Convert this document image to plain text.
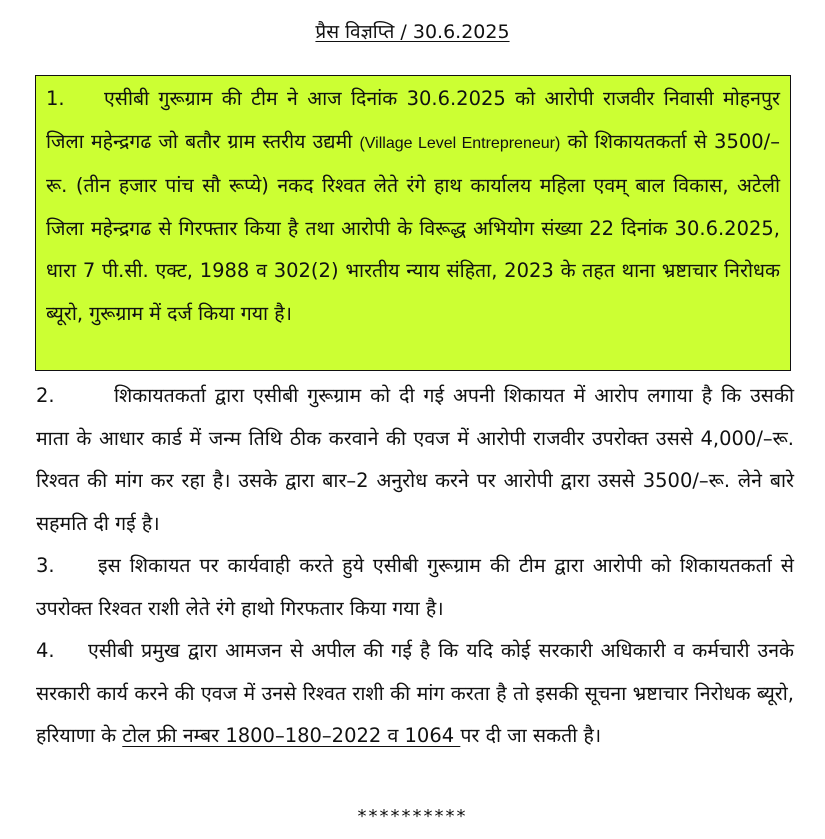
प्रैस विज्ञप्ति / 30.6.2025
1. एसीबी गुरूग्राम की टीम ने आज दिनांक 30.6.2025 को आरोपी राजवीर निवासी मोहनपुर जिला महेन्द्रगढ जो बतौर ग्राम स्तरीय उद्यमी (Village Level Entrepreneur) को शिकायतकर्ता से 3500/–रू. (तीन हजार पांच सौ रूप्ये) नकद रिश्वत लेते रंगे हाथ कार्यालय महिला एवम् बाल विकास, अटेली जिला महेन्द्रगढ से गिरफ्तार किया है तथा आरोपी के विरूद्ध अभियोग संख्या 22 दिनांक 30.6.2025, धारा 7 पी.सी. एक्ट, 1988 व 302(2) भारतीय न्याय संहिता, 2023 के तहत थाना भ्रष्टाचार निरोधक ब्यूरो, गुरूग्राम में दर्ज किया गया है।
2.	शिकायतकर्ता द्वारा एसीबी गुरूग्राम को दी गई अपनी शिकायत में आरोप लगाया है कि उसकी माता के आधार कार्ड में जन्म तिथि ठीक करवाने की एवज में आरोपी राजवीर उपरोक्त उससे 4,000/–रू. रिश्वत की मांग कर रहा है। उसके द्वारा बार–2 अनुरोध करने पर आरोपी द्वारा उससे 3500/–रू. लेने बारे सहमति दी गई है।
3. इस शिकायत पर कार्यवाही करते हुये एसीबी गुरूग्राम की टीम द्वारा आरोपी को शिकायतकर्ता से उपरोक्त रिश्वत राशी लेते रंगे हाथो गिरफतार किया गया है।
4. एसीबी प्रमुख द्वारा आमजन से अपील की गई है कि यदि कोई सरकारी अधिकारी व कर्मचारी उनके सरकारी कार्य करने की एवज में उनसे रिश्वत राशी की मांग करता है तो इसकी सूचना भ्रष्टाचार निरोधक ब्यूरो, हरियाणा के टोल फ्री नम्बर 1800–180–2022 व 1064 पर दी जा सकती है।
**********
